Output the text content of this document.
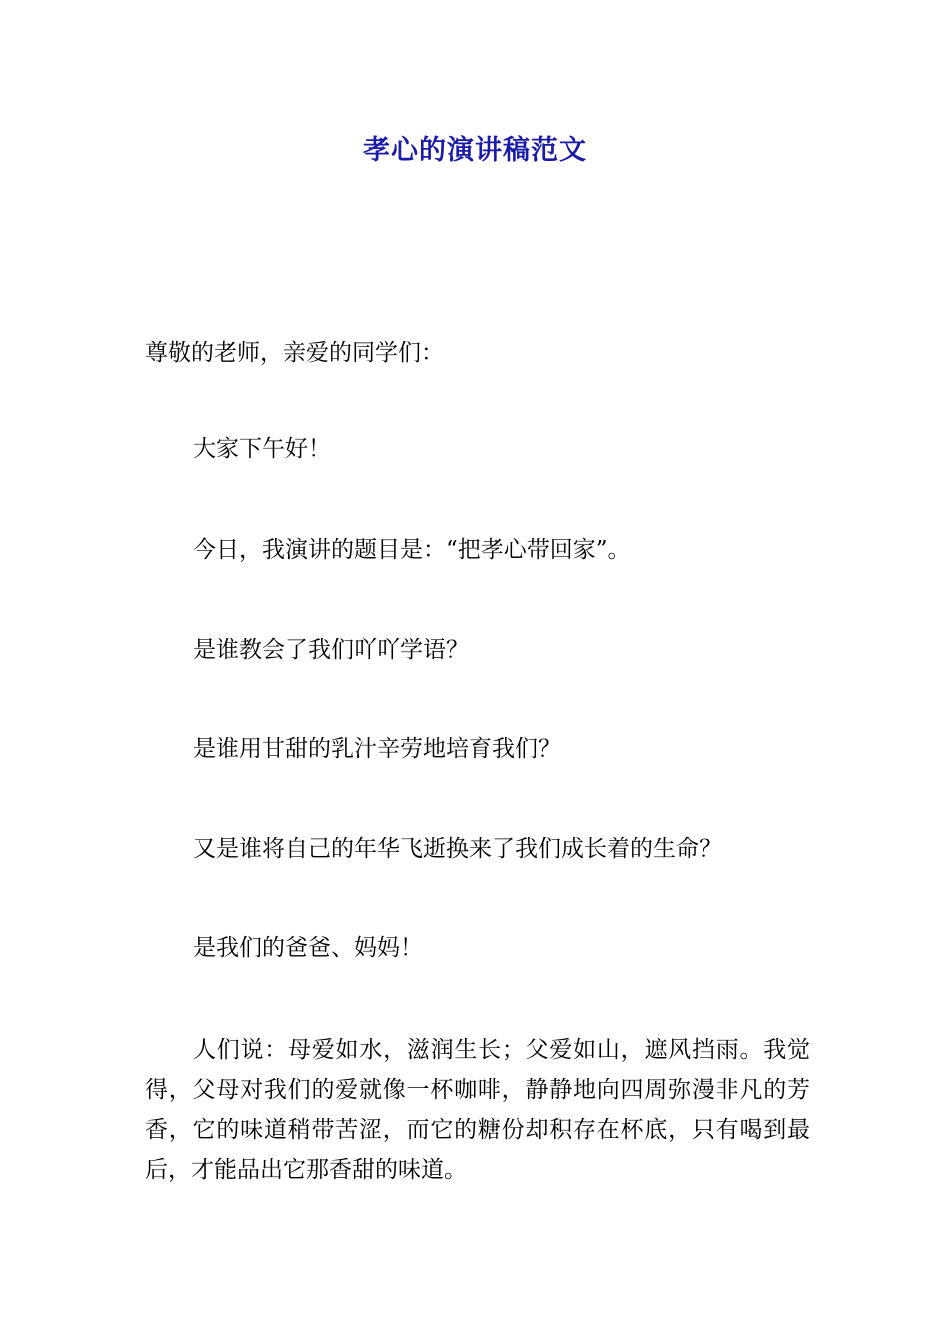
孝心的演讲稿范文

尊敬的老师，亲爱的同学们：

大家下午好！

今日，我演讲的题目是：“把孝心带回家”。

是谁教会了我们吖吖学语？

是谁用甘甜的乳汁辛劳地培育我们？

又是谁将自己的年华飞逝换来了我们成长着的生命？

是我们的爸爸、妈妈！

人们说：母爱如水，滋润生长；父爱如山，遮风挡雨。我觉得，父母对我们的爱就像一杯咖啡，静静地向四周弥漫非凡的芳香，它的味道稍带苦涩，而它的糖份却积存在杯底，只有喝到最后，才能品出它那香甜的味道。
